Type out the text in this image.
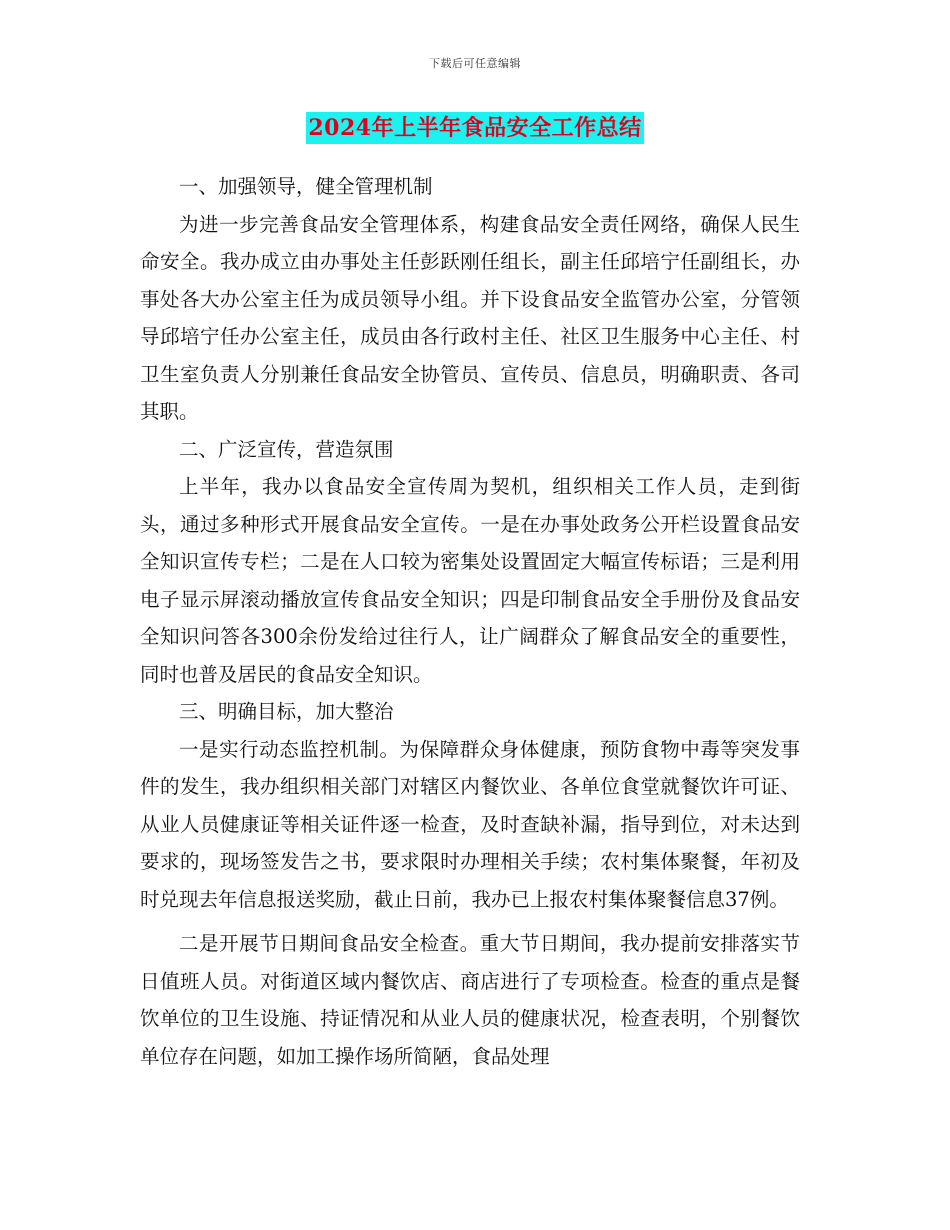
下载后可任意编辑
2024年上半年食品安全工作总结

一、加强领导，健全管理机制

为进一步完善食品安全管理体系，构建食品安全责任网络，确保人民生命安全。我办成立由办事处主任彭跃刚任组长，副主任邱培宁任副组长，办事处各大办公室主任为成员领导小组。并下设食品安全监管办公室，分管领导邱培宁任办公室主任，成员由各行政村主任、社区卫生服务中心主任、村卫生室负责人分别兼任食品安全协管员、宣传员、信息员，明确职责、各司其职。

二、广泛宣传，营造氛围

上半年，我办以食品安全宣传周为契机，组织相关工作人员，走到街头，通过多种形式开展食品安全宣传。一是在办事处政务公开栏设置食品安全知识宣传专栏；二是在人口较为密集处设置固定大幅宣传标语；三是利用电子显示屏滚动播放宣传食品安全知识；四是印制食品安全手册份及食品安全知识问答各300余份发给过往行人，让广阔群众了解食品安全的重要性，同时也普及居民的食品安全知识。

三、明确目标，加大整治

一是实行动态监控机制。为保障群众身体健康，预防食物中毒等突发事件的发生，我办组织相关部门对辖区内餐饮业、各单位食堂就餐饮许可证、从业人员健康证等相关证件逐一检查，及时查缺补漏，指导到位，对未达到要求的，现场签发告之书，要求限时办理相关手续；农村集体聚餐，年初及时兑现去年信息报送奖励，截止日前，我办已上报农村集体聚餐信息37例。

二是开展节日期间食品安全检查。重大节日期间，我办提前安排落实节日值班人员。对街道区域内餐饮店、商店进行了专项检查。检查的重点是餐饮单位的卫生设施、持证情况和从业人员的健康状况，检查表明，个别餐饮单位存在问题，如加工操作场所简陋，食品处理
